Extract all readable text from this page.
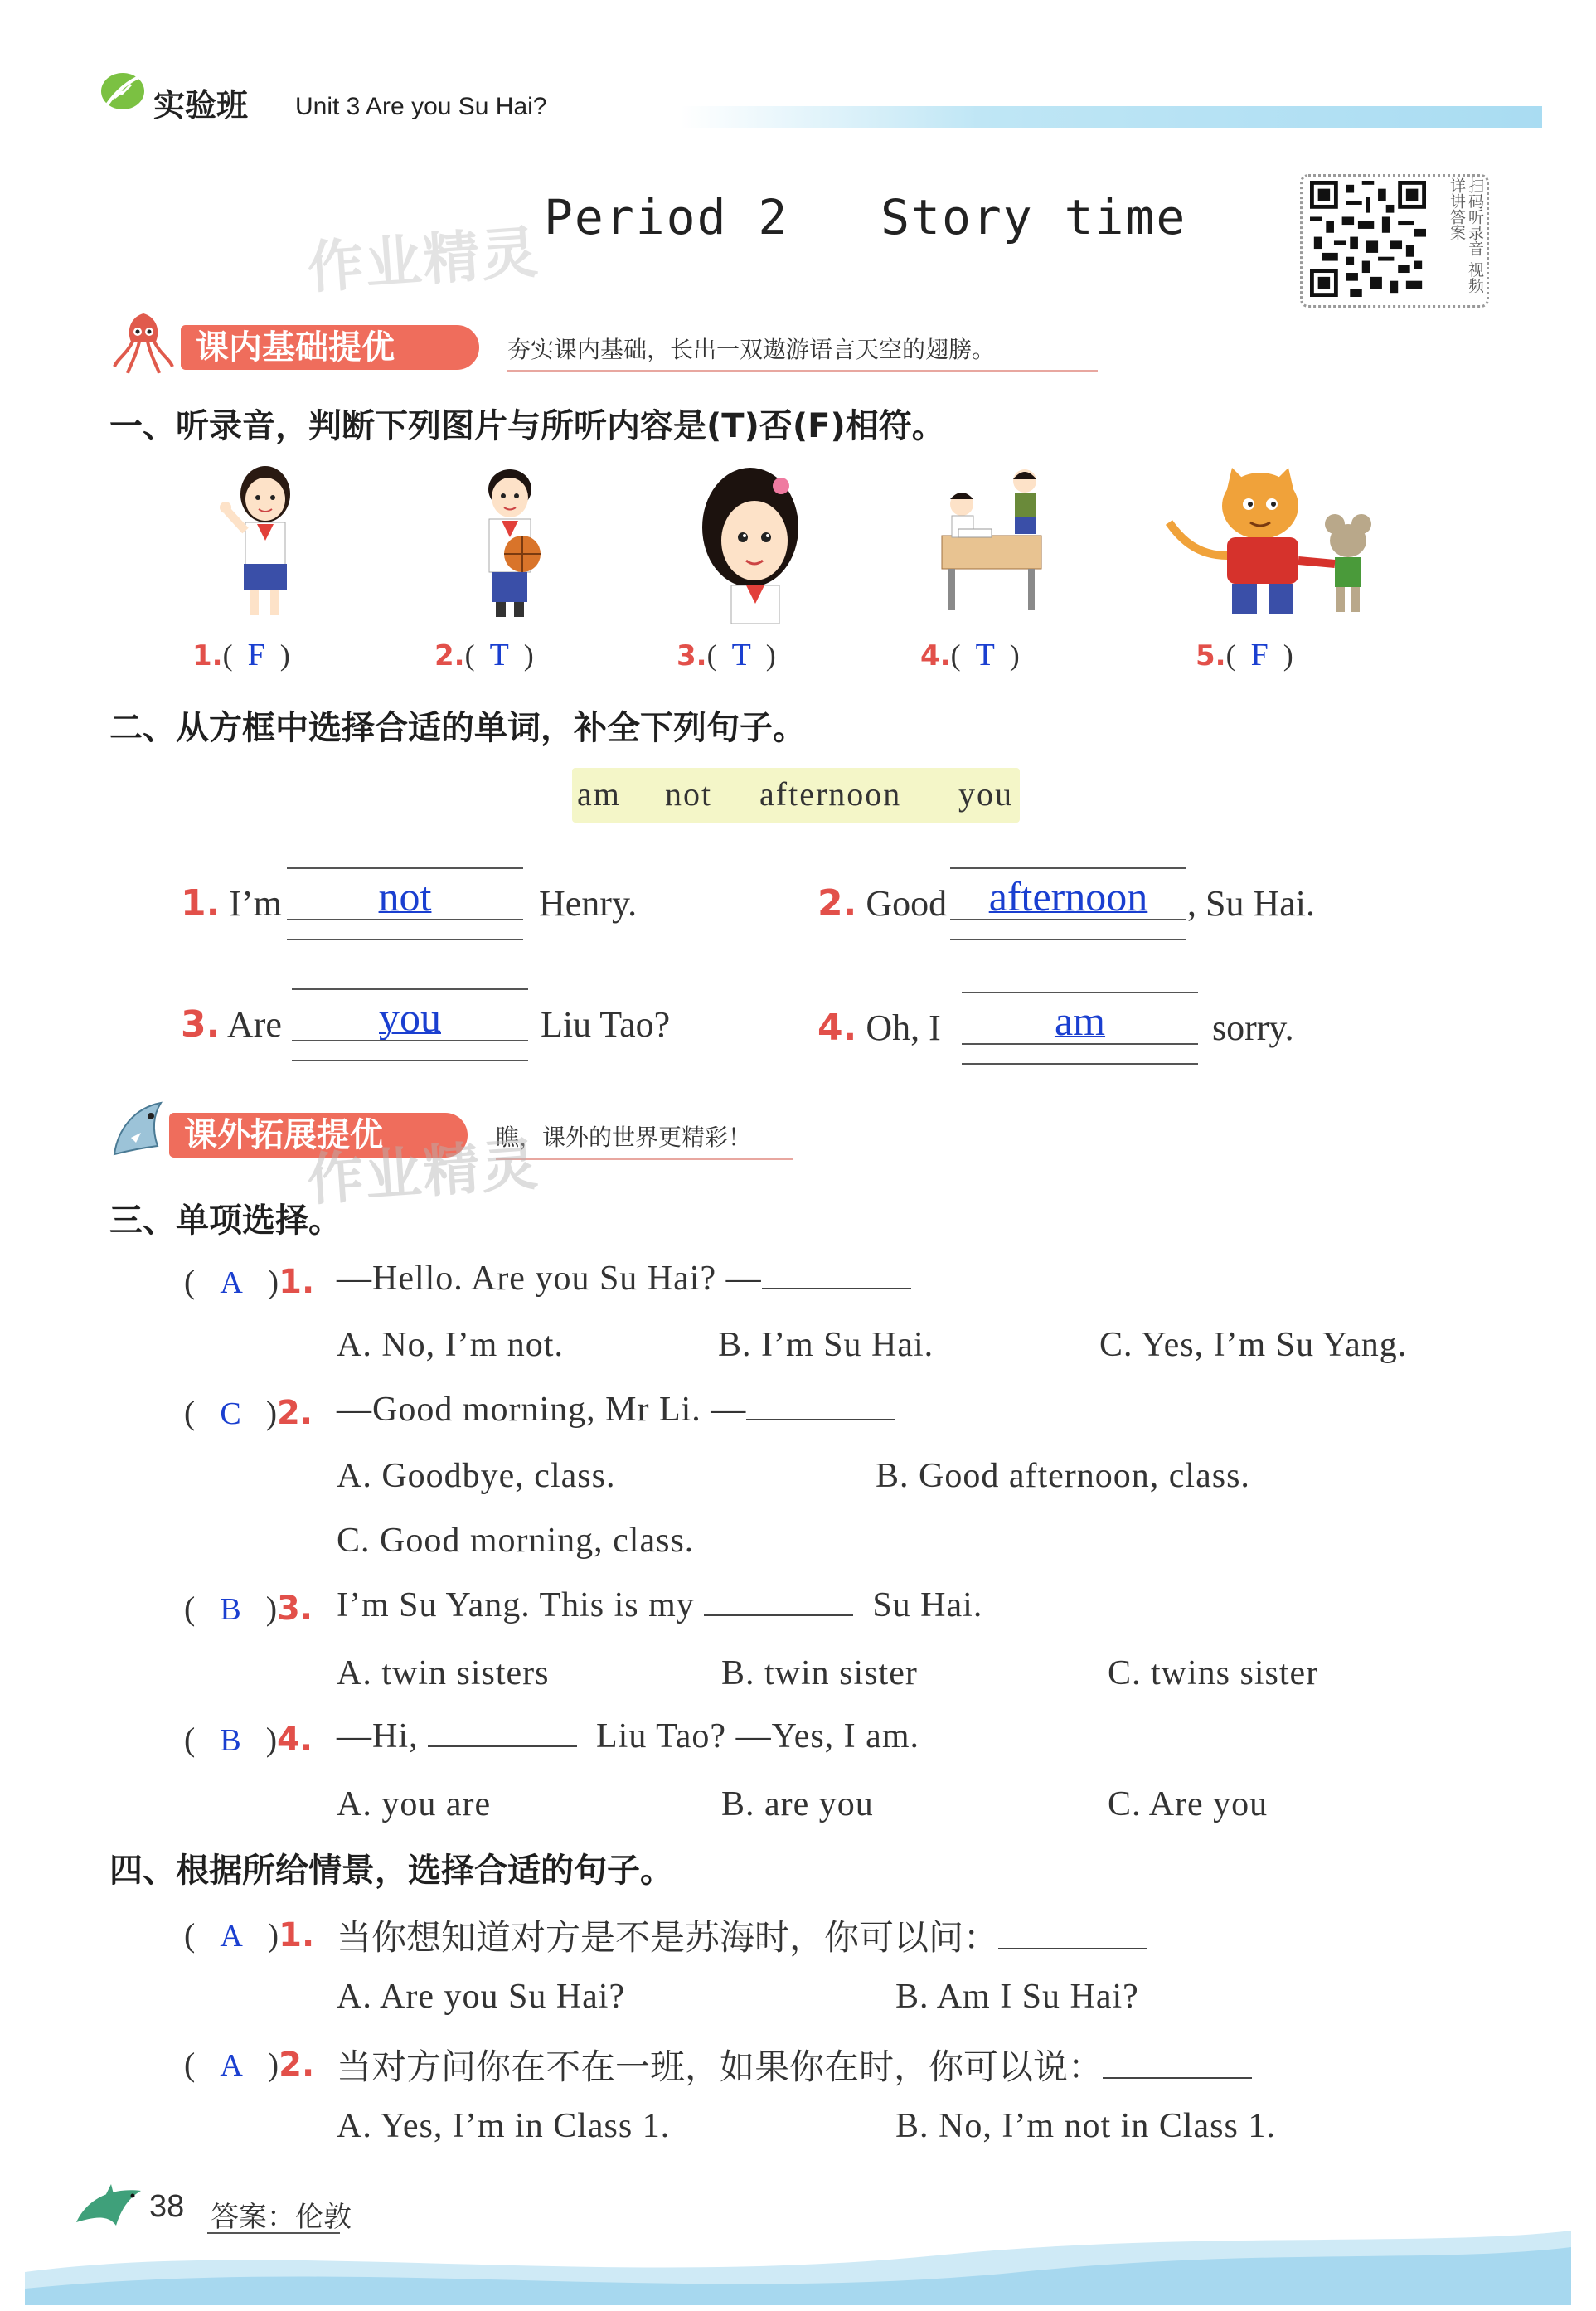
实验班 Unit 3 Are you Su Hai?
作业精灵
Period 2   Story time	扫码听录音 视频详讲答案
课内基础提优	夯实课内基础，长出一双遨游语言天空的翅膀。
一、听录音，判断下列图片与所听内容是(T)否(F)相符。
1.(  F  )	2.(  T  )	3.(  T  )	4.(  T  )	5.(  F  )
二、从方框中选择合适的单词，补全下列句子。
am not afternoon you
1. I’m	not	Henry.	2. Good	afternoon	, Su Hai.
3. Are	you	Liu Tao?	4. Oh, I	am	sorry.
课外拓展提优	瞧，课外的世界更精彩！
作业精灵
三、单项选择。
(   A   )1. —Hello. Are you Su Hai? —
A. No, I’m not.	B. I’m Su Hai.	C. Yes, I’m Su Yang.
(   C   )2. —Good morning, Mr Li. —
A. Goodbye, class.	B. Good afternoon, class.
C. Good morning, class.
(   B   )3. I’m Su Yang. This is my	Su Hai.
A. twin sisters	B. twin sister	C. twins sister
(   B   )4. —Hi,	Liu Tao? —Yes, I am.
A. you are	B. are you	C. Are you
四、根据所给情景，选择合适的句子。
(   A   )1. 当你想知道对方是不是苏海时，你可以问：
A. Are you Su Hai?	B. Am I Su Hai?
(   A   )2. 当对方问你在不在一班，如果你在时，你可以说：
A. Yes, I’m in Class 1.	B. No, I’m not in Class 1.
38 答案：伦敦
